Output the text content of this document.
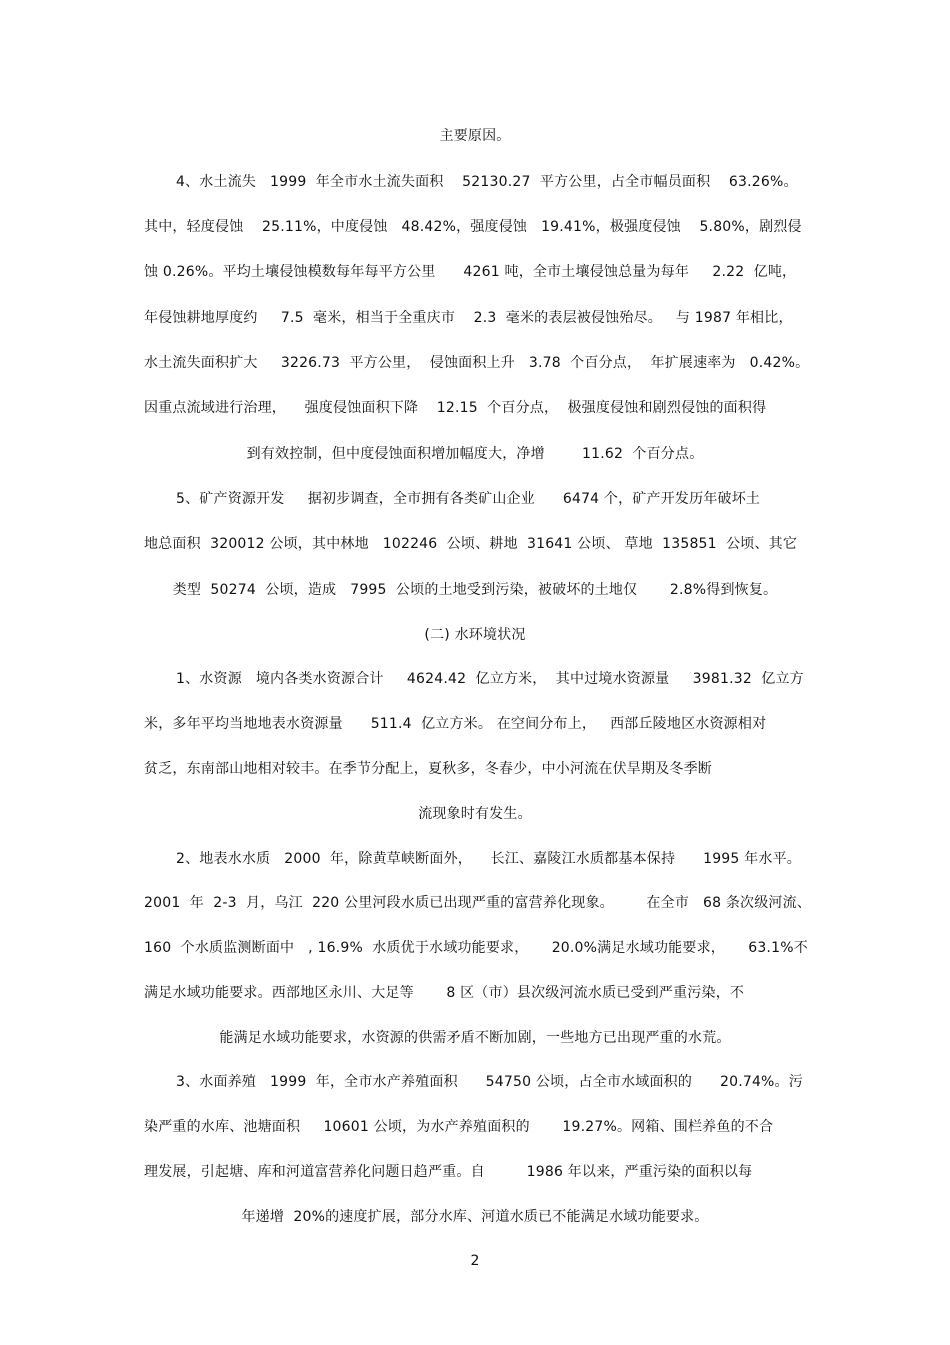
主要原因。
4、水土流失   1999  年全市水土流失面积    52130.27  平方公里，占全市幅员面积    63.26%。
其中，轻度侵蚀    25.11%，中度侵蚀   48.42%，强度侵蚀   19.41%，极强度侵蚀    5.80%，剧烈侵
蚀 0.26%。平均土壤侵蚀模数每年每平方公里      4261 吨，全市土壤侵蚀总量为每年     2.22  亿吨，
年侵蚀耕地厚度约     7.5  毫米，相当于全重庆市    2.3  毫米的表层被侵蚀殆尽。   与 1987 年相比，
水土流失面积扩大     3226.73  平方公里，  侵蚀面积上升   3.78  个百分点，  年扩展速率为   0.42%。
因重点流域进行治理，    强度侵蚀面积下降    12.15  个百分点，  极强度侵蚀和剧烈侵蚀的面积得
到有效控制，但中度侵蚀面积增加幅度大，净增        11.62  个百分点。
5、矿产资源开发     据初步调查，全市拥有各类矿山企业      6474 个，矿产开发历年破坏土
地总面积  320012 公顷，其中林地   102246  公顷、耕地  31641 公顷、 草地  135851  公顷、其它
类型  50274  公顷，造成   7995  公顷的土地受到污染，被破坏的土地仅       2.8%得到恢复。
(二) 水环境状况
1、水资源   境内各类水资源合计     4624.42  亿立方米，  其中过境水资源量     3981.32  亿立方
米，多年平均当地地表水资源量      511.4  亿立方米。 在空间分布上，   西部丘陵地区水资源相对
贫乏，东南部山地相对较丰。在季节分配上，夏秋多，冬春少，中小河流在伏旱期及冬季断
流现象时有发生。
2、地表水水质   2000  年，除黄草峡断面外，    长江、嘉陵江水质都基本保持      1995 年水平。
2001  年  2-3  月，乌江  220 公里河段水质已出现严重的富营养化现象。       在全市   68 条次级河流、
160  个水质监测断面中   , 16.9%  水质优于水域功能要求，     20.0%满足水域功能要求，     63.1%不
满足水域功能要求。西部地区永川、大足等       8 区（市）县次级河流水质已受到严重污染，不
能满足水域功能要求，水资源的供需矛盾不断加剧，一些地方已出现严重的水荒。
3、水面养殖   1999  年，全市水产养殖面积      54750 公顷，占全市水域面积的      20.74%。污
染严重的水库、池塘面积     10601 公顷，为水产养殖面积的       19.27%。网箱、围栏养鱼的不合
理发展，引起塘、库和河道富营养化问题日趋严重。自         1986 年以来，严重污染的面积以每
年递增  20%的速度扩展，部分水库、河道水质已不能满足水域功能要求。
2
